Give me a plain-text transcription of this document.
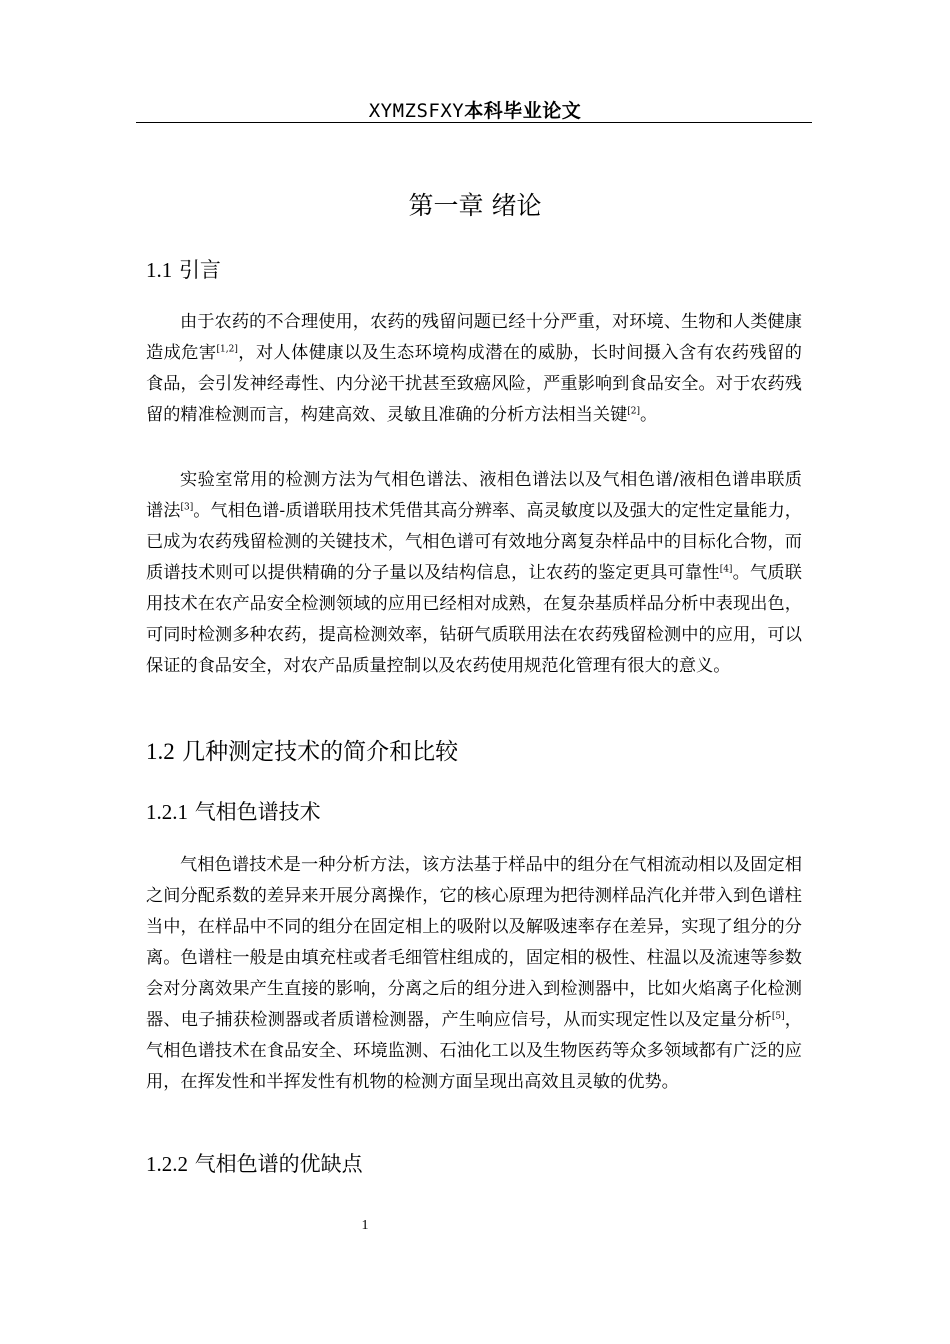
XYMZSFXY本科毕业论文
第一章 绪论
1.1 引言

由于农药的不合理使用，农药的残留问题已经十分严重，对环境、生物和人类健康造成危害[1,2]，对人体健康以及生态环境构成潜在的威胁，长时间摄入含有农药残留的食品，会引发神经毒性、内分泌干扰甚至致癌风险，严重影响到食品安全。对于农药残留的精准检测而言，构建高效、灵敏且准确的分析方法相当关键[2]。

实验室常用的检测方法为气相色谱法、液相色谱法以及气相色谱/液相色谱串联质谱法[3]。气相色谱-质谱联用技术凭借其高分辨率、高灵敏度以及强大的定性定量能力，已成为农药残留检测的关键技术，气相色谱可有效地分离复杂样品中的目标化合物，而质谱技术则可以提供精确的分子量以及结构信息，让农药的鉴定更具可靠性[4]。气质联用技术在农产品安全检测领域的应用已经相对成熟，在复杂基质样品分析中表现出色，可同时检测多种农药，提高检测效率，钻研气质联用法在农药残留检测中的应用，可以保证的食品安全，对农产品质量控制以及农药使用规范化管理有很大的意义。

1.2 几种测定技术的简介和比较
1.2.1 气相色谱技术

气相色谱技术是一种分析方法，该方法基于样品中的组分在气相流动相以及固定相之间分配系数的差异来开展分离操作，它的核心原理为把待测样品汽化并带入到色谱柱当中，在样品中不同的组分在固定相上的吸附以及解吸速率存在差异，实现了组分的分离。色谱柱一般是由填充柱或者毛细管柱组成的，固定相的极性、柱温以及流速等参数会对分离效果产生直接的影响，分离之后的组分进入到检测器中，比如火焰离子化检测器、电子捕获检测器或者质谱检测器，产生响应信号，从而实现定性以及定量分析[5]，气相色谱技术在食品安全、环境监测、石油化工以及生物医药等众多领域都有广泛的应用，在挥发性和半挥发性有机物的检测方面呈现出高效且灵敏的优势。

1.2.2 气相色谱的优缺点
1
